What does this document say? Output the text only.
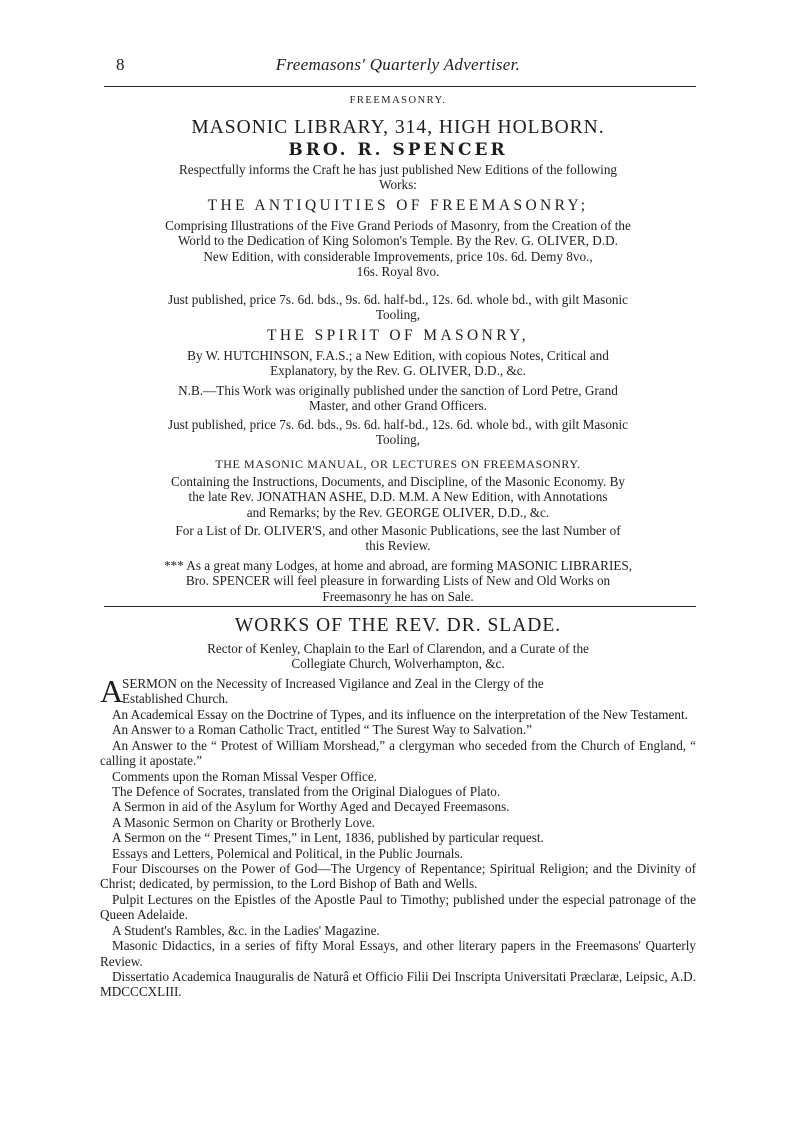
8	Freemasons' Quarterly Advertiser.
FREEMASONRY.
MASONIC LIBRARY, 314, HIGH HOLBORN.
BRO. R. SPENCER
Respectfully informs the Craft he has just published New Editions of the following
Works:
THE ANTIQUITIES OF FREEMASONRY;
Comprising Illustrations of the Five Grand Periods of Masonry, from the Creation of the
World to the Dedication of King Solomon's Temple. By the Rev. G. OLIVER, D.D.
New Edition, with considerable Improvements, price 10s. 6d. Demy 8vo.,
16s. Royal 8vo.
Just published, price 7s. 6d. bds., 9s. 6d. half-bd., 12s. 6d. whole bd., with gilt Masonic
Tooling,
THE SPIRIT OF MASONRY,
By W. HUTCHINSON, F.A.S.; a New Edition, with copious Notes, Critical and
Explanatory, by the Rev. G. OLIVER, D.D., &c.
N.B.—This Work was originally published under the sanction of Lord Petre, Grand
Master, and other Grand Officers.
Just published, price 7s. 6d. bds., 9s. 6d. half-bd., 12s. 6d. whole bd., with gilt Masonic
Tooling,
THE MASONIC MANUAL, OR LECTURES ON FREEMASONRY.
Containing the Instructions, Documents, and Discipline, of the Masonic Economy. By
the late Rev. JONATHAN ASHE, D.D. M.M. A New Edition, with Annotations
and Remarks; by the Rev. GEORGE OLIVER, D.D., &c.
For a List of Dr. OLIVER'S, and other Masonic Publications, see the last Number of
this Review.
*** As a great many Lodges, at home and abroad, are forming MASONIC LIBRARIES,
Bro. SPENCER will feel pleasure in forwarding Lists of New and Old Works on
Freemasonry he has on Sale.
WORKS OF THE REV. DR. SLADE.
Rector of Kenley, Chaplain to the Earl of Clarendon, and a Curate of the
Collegiate Church, Wolverhampton, &c.
A
SERMON on the Necessity of Increased Vigilance and Zeal in the Clergy of the
Established Church.

An Academical Essay on the Doctrine of Types, and its influence on the interpretation of the New Testament.

An Answer to a Roman Catholic Tract, entitled “ The Surest Way to Salvation.”

An Answer to the “ Protest of William Morshead,” a clergyman who seceded from the Church of England, “ calling it apostate.”

Comments upon the Roman Missal Vesper Office.

The Defence of Socrates, translated from the Original Dialogues of Plato.

A Sermon in aid of the Asylum for Worthy Aged and Decayed Freemasons.

A Masonic Sermon on Charity or Brotherly Love.

A Sermon on the “ Present Times,” in Lent, 1836, published by particular request.

Essays and Letters, Polemical and Political, in the Public Journals.

Four Discourses on the Power of God—The Urgency of Repentance; Spiritual Religion; and the Divinity of Christ; dedicated, by permission, to the Lord Bishop of Bath and Wells.

Pulpit Lectures on the Epistles of the Apostle Paul to Timothy; published under the especial patronage of the Queen Adelaide.

A Student's Rambles, &c. in the Ladies' Magazine.

Masonic Didactics, in a series of fifty Moral Essays, and other literary papers in the Freemasons' Quarterly Review.

Dissertatio Academica Inauguralis de Naturâ et Officio Filii Dei Inscripta Universitati Præclaræ, Leipsic, A.D. MDCCCXLIII.
